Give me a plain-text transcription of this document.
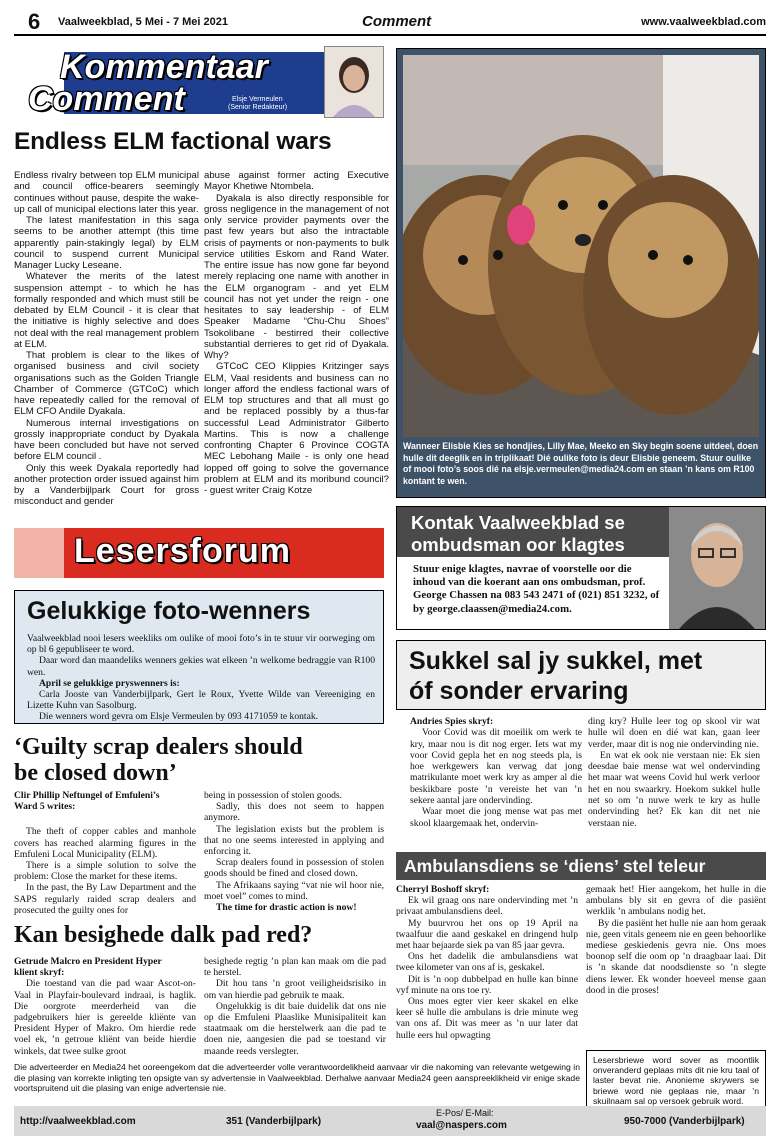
6 Vaalweekblad, 5 Mei - 7 Mei 2021	Comment	www.vaalweekblad.com
Kommentaar
Comment	Elsje Vermeulen
(Senior Redakteur)
Endless ELM factional wars

Endless rivalry between top ELM municipal and council office-bearers seemingly continues without pause, despite the wake-up call of municipal elections later this year.

The latest manifestation in this saga seems to be another attempt (this time apparently pain-stakingly legal) by ELM council to suspend current Municipal Manager Lucky Leseane.

Whatever the merits of the latest suspension attempt - to which he has formally responded and which must still be debated by ELM Council - it is clear that the initiative is highly selective and does not deal with the real management problem at ELM.

That problem is clear to the likes of organised business and civil society organisations such as the Golden Triangle Chamber of Commerce (GTCoC) which have repeatedly called for the removal of ELM CFO Andile Dyakala.

Numerous internal investigations on grossly inappropriate conduct by Dyakala have been concluded but have not served before ELM council .

Only this week Dyakala reportedly had another protection order issued against him by a Vanderbijlpark Court for gross misconduct and gender

abuse against former acting Executive Mayor Khetiwe Ntombela.

Dyakala is also directly responsible for gross negligence in the management of not only service provider payments over the past few years but also the intractable crisis of payments or non-payments to bulk service utilities Eskom and Rand Water. The entire issue has now gone far beyond merely replacing one name with another in the ELM organogram - and yet ELM council has not yet under the reign - one hesitates to say leadership - of ELM Speaker Madame “Chu-Chu Shoes” Tsokolibane - bestirred their collective substantial derrieres to get rid of Dyakala. Why?

GTCoC CEO Klippies Kritzinger says ELM, Vaal residents and business can no longer afford the endless factional wars of ELM top structures and that all must go and be replaced possibly by a thus-far successful Lead Administrator Gilberto Martins. This is now a challenge confronting Chapter 6 Province COGTA MEC Lebohang Maile - is only one head lopped off going to solve the governance problem at ELM and its moribund council? - guest writer Craig Kotze

Wanneer Elisbie Kies se hondjies, Lilly Mae, Meeko en Sky begin soene uitdeel, doen hulle dit deeglik en in triplikaat! Dié oulike foto is deur Elisbie geneem. Stuur oulike of mooi foto’s soos dié na elsje.vermeulen@media24.com en staan ’n kans om R100 kontant te wen.
Lesersforum
Kontak Vaalweekblad se
ombudsman oor klagtes
Stuur enige klagtes, navrae of voorstelle oor die inhoud van die koerant aan ons ombudsman, prof. George Chassen na 083 543 2471 of (021) 851 3232, of by george.claassen@media24.com.
Gelukkige foto-wenners

Vaalweekblad nooi lesers weekliks om oulike of mooi foto’s in te stuur vir oorweging om op bl 6 gepubliseer te word.

Daar word dan maandeliks wenners gekies wat elkeen ’n welkome bedraggie van R100 wen.

April se gelukkige pryswenners is:

Carla Jooste van Vanderbijlpark, Gert le Roux, Yvette Wilde van Vereeniging en Lizette Kuhn van Sasolburg.

Die wenners word gevra om Elsje Vermeulen by 093 4171059 te kontak.

Sukkel sal jy sukkel, met
óf sonder ervaring

Andries Spies skryf:

Voor Covid was dit moeilik om werk te kry, maar nou is dit nog erger. Iets wat my voor Covid gepla het en nog steeds pla, is hoe werkgewers kan verwag dat jong matrikulante moet werk kry as amper al die beskikbare poste ’n vereiste het van ’n sekere aantal jare ondervinding.

Waar moet die jong mense wat pas met skool klaargemaak het, ondervin-

ding kry? Hulle leer tog op skool vir wat hulle wil doen en dié wat kan, gaan leer verder, maar dit is nog nie ondervinding nie.

En wat ek ook nie verstaan nie: Ek sien deesdae baie mense wat wel ondervinding het maar wat weens Covid hul werk verloor het en nou swaarkry. Hoekom sukkel hulle net so om ’n nuwe werk te kry as hulle ondervinding het? Ek kan dit net nie verstaan nie.

‘Guilty scrap dealers should
be closed down’

Clir Phillip Neftungel of Emfuleni’s

Ward 5 writes:

The theft of copper cables and manhole covers has reached alarming figures in the Emfuleni Local Municipality (ELM).

There is a simple solution to solve the problem: Close the market for these items.

In the past, the By Law Department and the SAPS regularly raided scrap dealers and prosecuted the guilty ones for

being in possession of stolen goods.

Sadly, this does not seem to happen anymore.

The legislation exists but the problem is that no one seems interested in applying and enforcing it.

Scrap dealers found in possession of stolen goods should be fined and closed down.

The Afrikaans saying “vat nie wil hoor nie, moet voel” comes to mind.

The time for drastic action is now!

Ambulansdiens se ‘diens’ stel teleur

Cherryl Boshoff skryf:

Ek wil graag ons nare ondervinding met ’n privaat ambulansdiens deel.

My buurvrou het ons op 19 April na twaalfuur die aand geskakel en dringend hulp met haar bejaarde siek pa van 85 jaar gevra.

Ons het dadelik die ambulansdiens wat twee kilometer van ons af is, geskakel.

Dit is ’n oop dubbelpad en hulle kan binne vyf minute na ons toe ry.

Ons moes egter vier keer skakel en elke keer sê hulle die ambulans is drie minute weg van ons af. Dit was meer as ’n uur later dat hulle eers hul opwagting

gemaak het! Hier aangekom, het hulle in die ambulans bly sit en gevra of die pasiënt werklik ’n ambulans nodig het.

By die pasiënt het hulle nie aan hom geraak nie, geen vitals geneem nie en geen behoorlike mediese geskiedenis gevra nie. Ons moes boonop self die oom op ’n draagbaar laai. Dit is ’n skande dat noodsdienste so ’n slegte diens lewer. Ek wonder hoeveel mense gaan dood in die proses!

Kan besighede dalk pad red?

Getrude Malcro en President Hyper

klient skryf:

Die toestand van die pad waar Ascot-on-Vaal in Playfair-boulevard indraai, is haglik. Die oorgrote meerderheid van die padgebruikers hier is gereelde kliënte van President Hyper of Makro. Om hierdie rede voel ek, ’n getroue kliënt van beide hierdie winkels, dat twee sulke groot

besighede regtig ’n plan kan maak om die pad te herstel.

Dit hou tans ’n groot veiligheidsrisiko in om van hierdie pad gebruik te maak.

Ongelukkig is dit baie duidelik dat ons nie op die Emfuleni Plaaslike Munisipaliteit kan staatmaak om die herstelwerk aan die pad te doen nie, aangesien die pad se toestand vir maande reeds verslegter.

Lesersbriewe word sover as moontlik onveranderd geplaas mits dit nie kru taal of laster bevat nie. Anonieme skrywers se briewe word nie geplaas nie, maar ’n skuilnaam sal op versoek gebruik word.
Die adverteerder en Media24 het ooreengekom dat die adverteerder volle verantwoordelikheid aanvaar vir die nakoming van relevante wetgewing in die plasing van korrekte inligting ten opsigte van sy advertensie in Vaalweekblad. Derhalwe aanvaar Media24 geen aanspreeklikheid vir enige skade voortspruitend uit die plasing van enige advertensie nie.
http://vaalweekblad.com	351 (Vanderbijlpark)
E-Pos/ E-Mail:
vaal@naspers.com	950-7000 (Vanderbijlpark)
